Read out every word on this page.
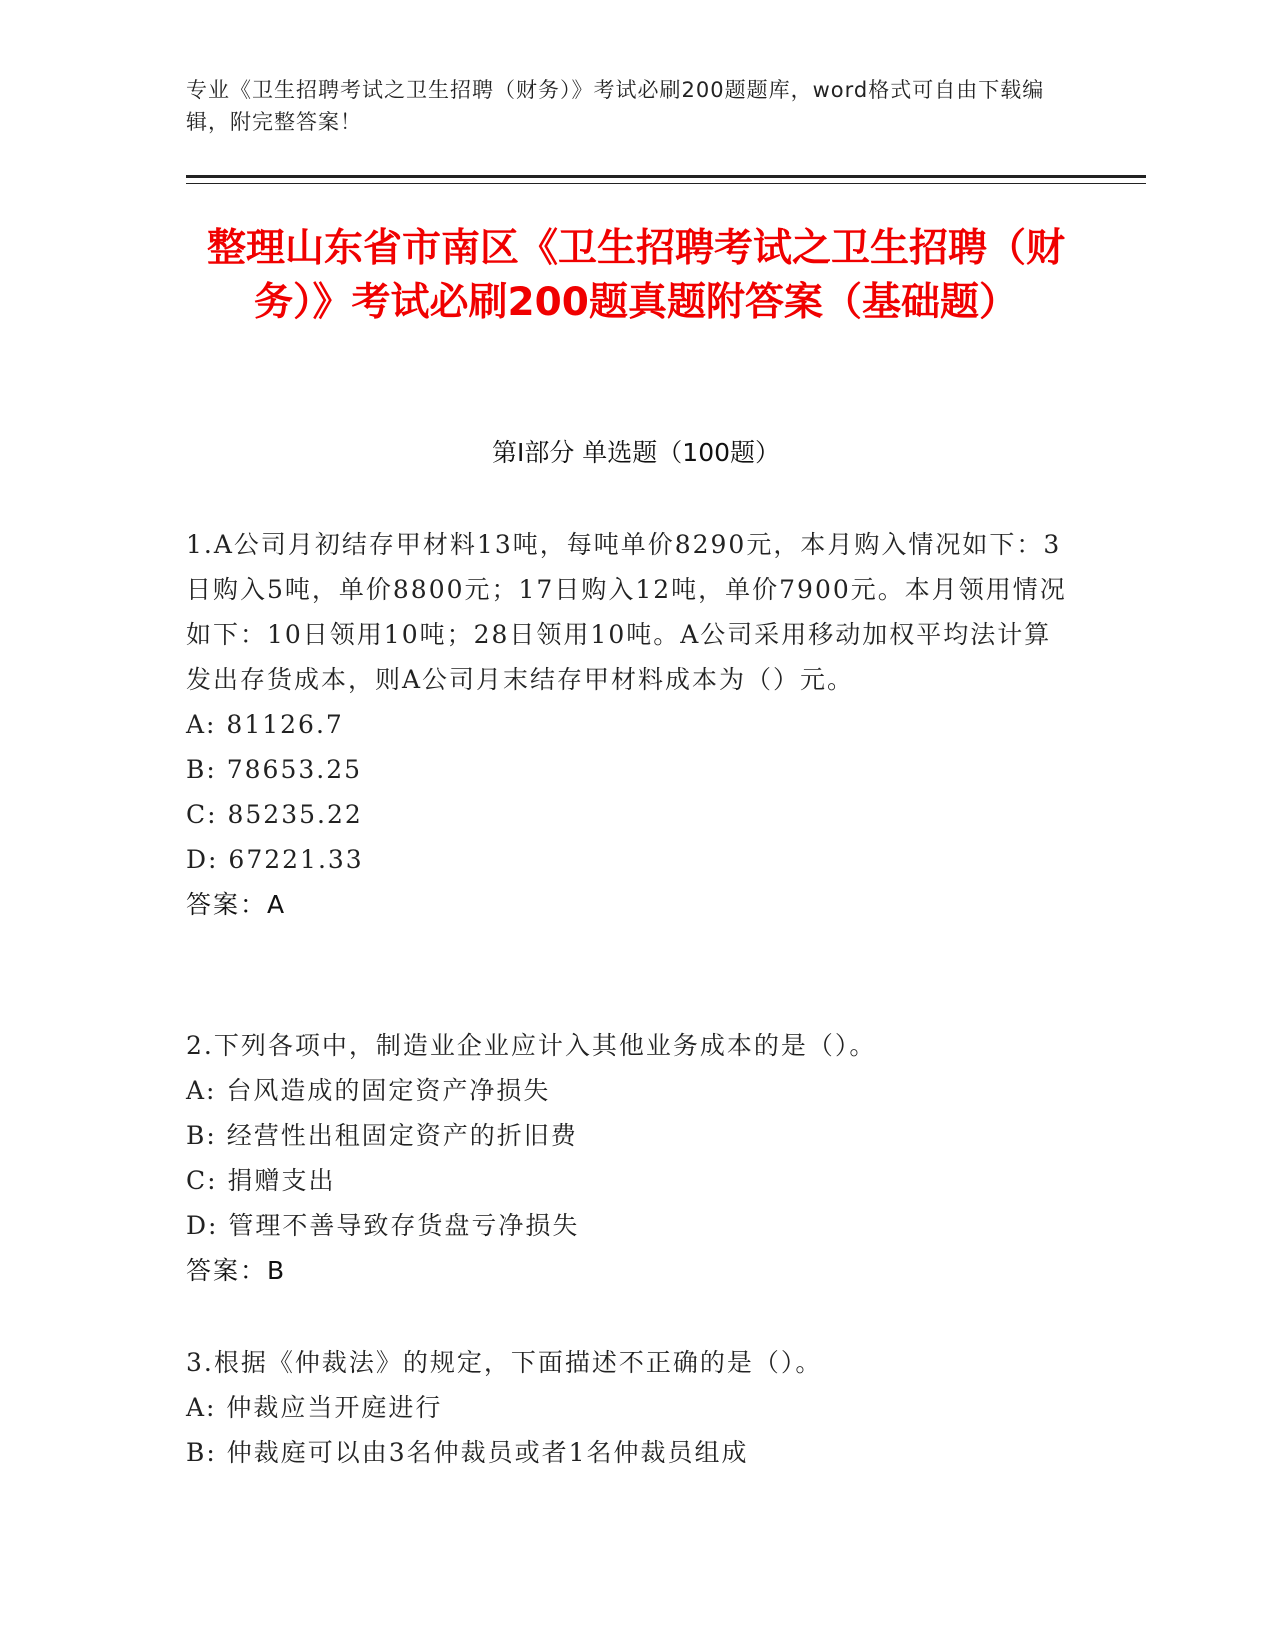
专业《卫生招聘考试之卫生招聘（财务）》考试必刷200题题库，word格式可自由下载编辑，附完整答案！
整理山东省市南区《卫生招聘考试之卫生招聘（财务）》考试必刷200题真题附答案（基础题）
第I部分 单选题（100题）

1.A公司月初结存甲材料13吨，每吨单价8290元，本月购入情况如下：3日购入5吨，单价8800元；17日购入12吨，单价7900元。本月领用情况如下：10日领用10吨；28日领用10吨。A公司采用移动加权平均法计算发出存货成本，则A公司月末结存甲材料成本为（）元。

A: 81126.7

B: 78653.25

C: 85235.22

D: 67221.33

答案：A

2.下列各项中，制造业企业应计入其他业务成本的是（）。

A: 台风造成的固定资产净损失

B: 经营性出租固定资产的折旧费

C: 捐赠支出

D: 管理不善导致存货盘亏净损失

答案：B

3.根据《仲裁法》的规定，下面描述不正确的是（）。

A: 仲裁应当开庭进行

B: 仲裁庭可以由3名仲裁员或者1名仲裁员组成
